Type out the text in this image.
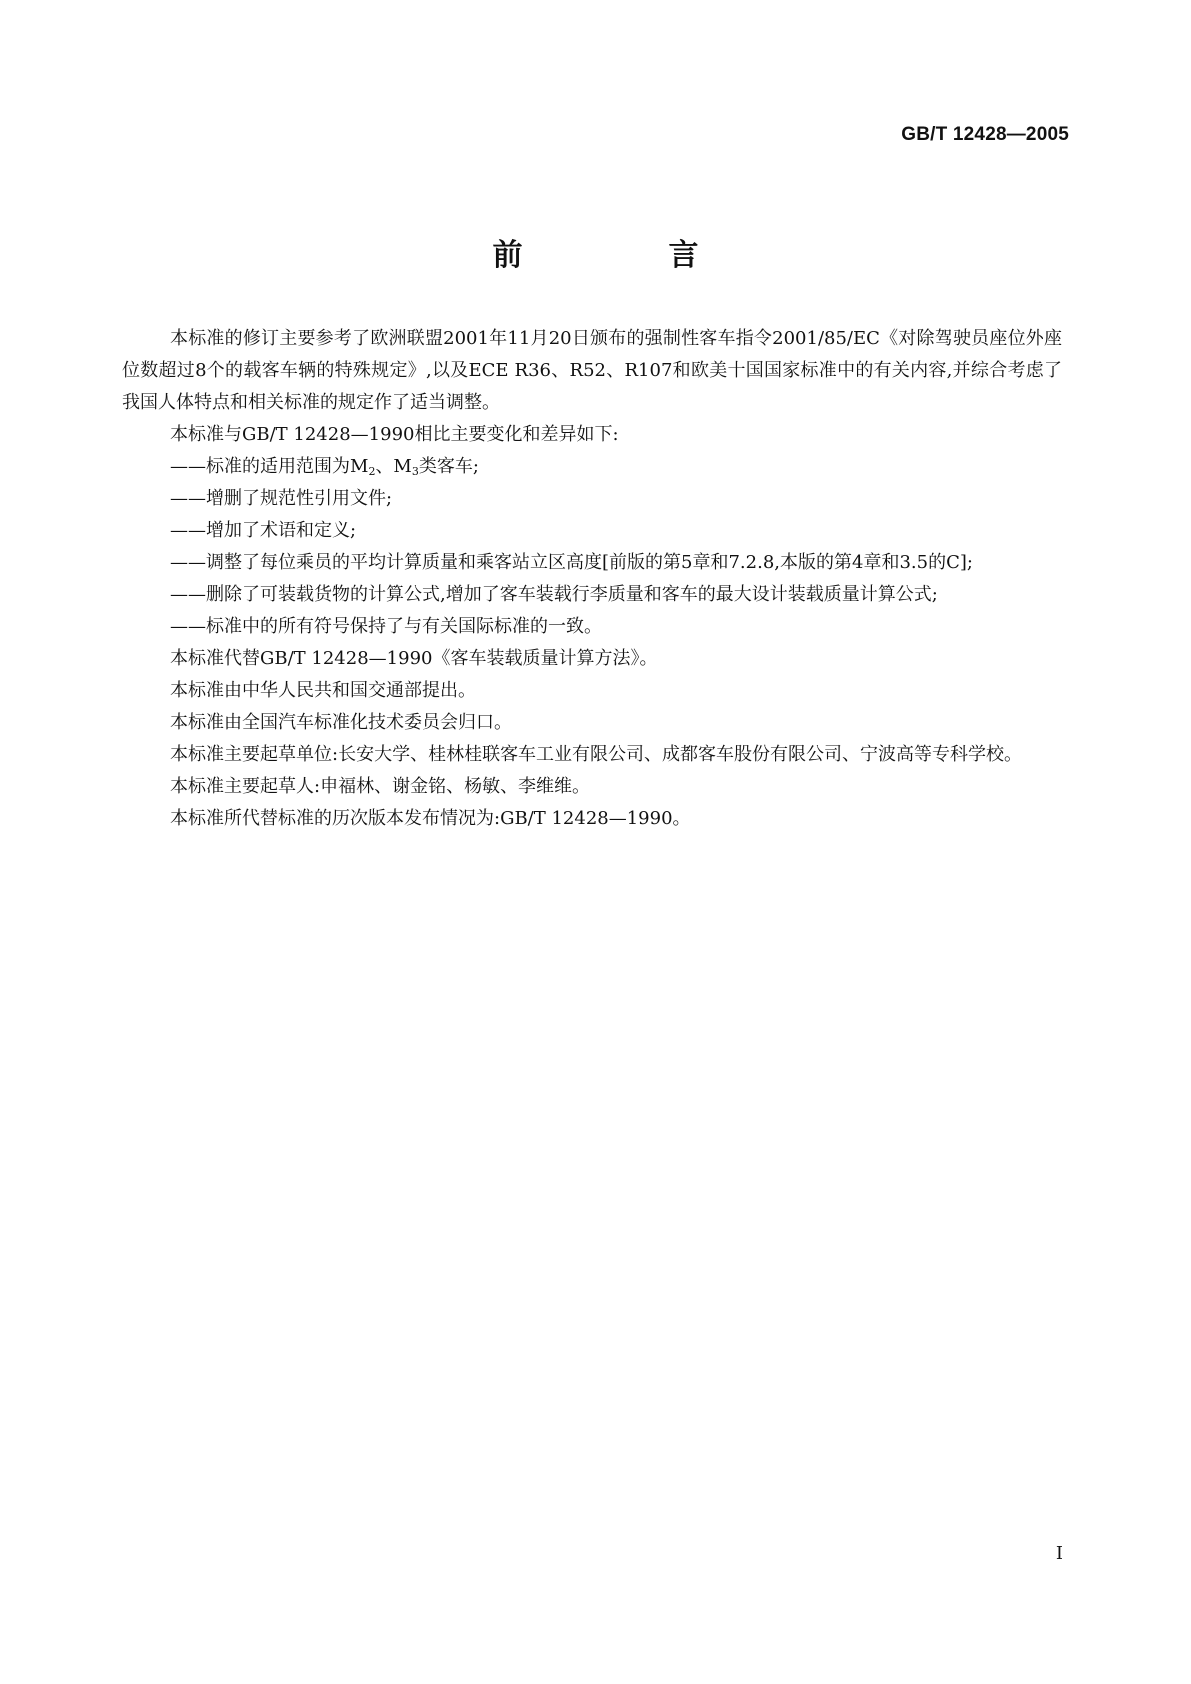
GB/T 12428—2005
前　言

本标准的修订主要参考了欧洲联盟2001年11月20日颁布的强制性客车指令2001/85/EC《对除驾驶员座位外座位数超过8个的载客车辆的特殊规定》,以及ECE R36、R52、R107和欧美十国国家标准中的有关内容,并综合考虑了我国人体特点和相关标准的规定作了适当调整。

本标准与GB/T 12428—1990相比主要变化和差异如下:

——标准的适用范围为$M_2$、$M_3$类客车;

——增删了规范性引用文件;

——增加了术语和定义;

——调整了每位乘员的平均计算质量和乘客站立区高度[前版的第5章和7.2.8,本版的第4章和3.5的C];

——删除了可装载货物的计算公式,增加了客车装载行李质量和客车的最大设计装载质量计算公式;

——标准中的所有符号保持了与有关国际标准的一致。

本标准代替GB/T 12428—1990《客车装载质量计算方法》。

本标准由中华人民共和国交通部提出。

本标准由全国汽车标准化技术委员会归口。

本标准主要起草单位:长安大学、桂林桂联客车工业有限公司、成都客车股份有限公司、宁波高等专科学校。

本标准主要起草人:申福林、谢金铭、杨敏、李维维。

本标准所代替标准的历次版本发布情况为:GB/T 12428—1990。

I
